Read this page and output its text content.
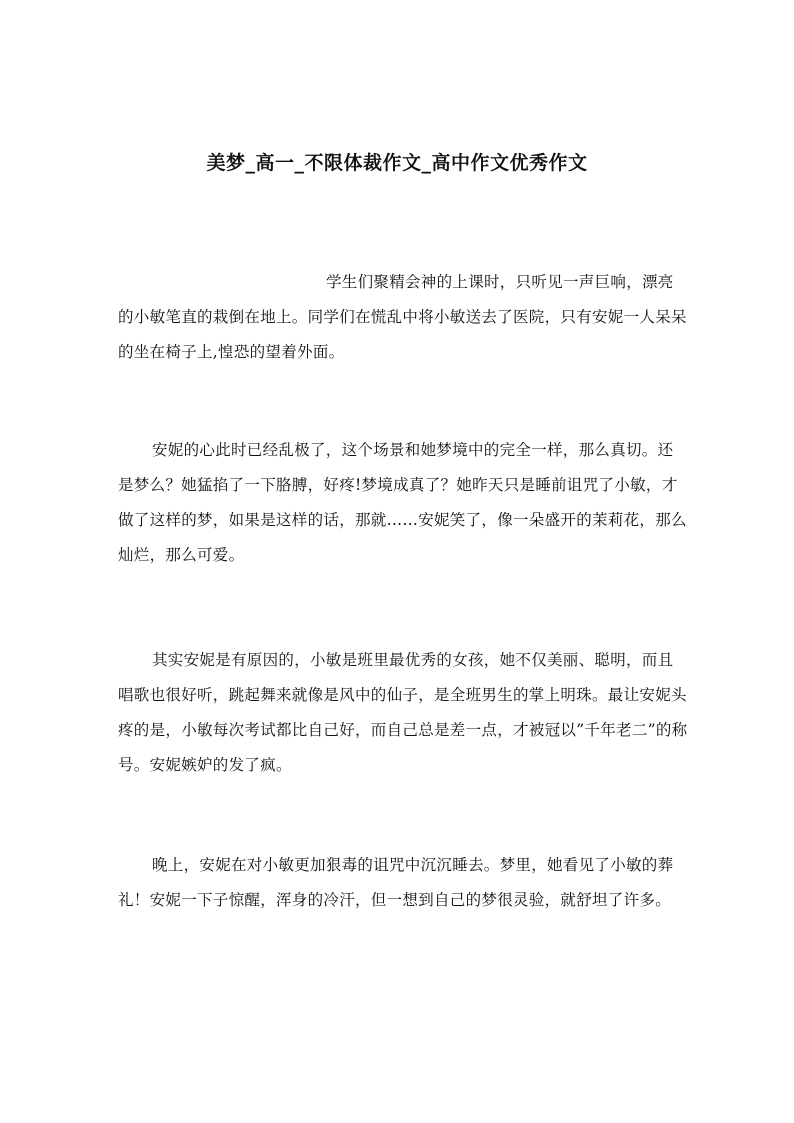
美梦_高一_不限体裁作文_高中作文优秀作文

学生们聚精会神的上课时，只听见一声巨响，漂亮的小敏笔直的栽倒在地上。同学们在慌乱中将小敏送去了医院，只有安妮一人呆呆的坐在椅子上,惶恐的望着外面。

安妮的心此时已经乱极了，这个场景和她梦境中的完全一样，那么真切。还是梦么？她猛掐了一下胳膊，好疼!梦境成真了？她昨天只是睡前诅咒了小敏，才做了这样的梦，如果是这样的话，那就……安妮笑了，像一朵盛开的茉莉花，那么灿烂，那么可爱。

其实安妮是有原因的，小敏是班里最优秀的女孩，她不仅美丽、聪明，而且唱歌也很好听，跳起舞来就像是风中的仙子，是全班男生的掌上明珠。最让安妮头疼的是，小敏每次考试都比自己好，而自己总是差一点，才被冠以”千年老二”的称号。安妮嫉妒的发了疯。

晚上，安妮在对小敏更加狠毒的诅咒中沉沉睡去。梦里，她看见了小敏的葬礼！安妮一下子惊醒，浑身的冷汗，但一想到自己的梦很灵验，就舒坦了许多。
